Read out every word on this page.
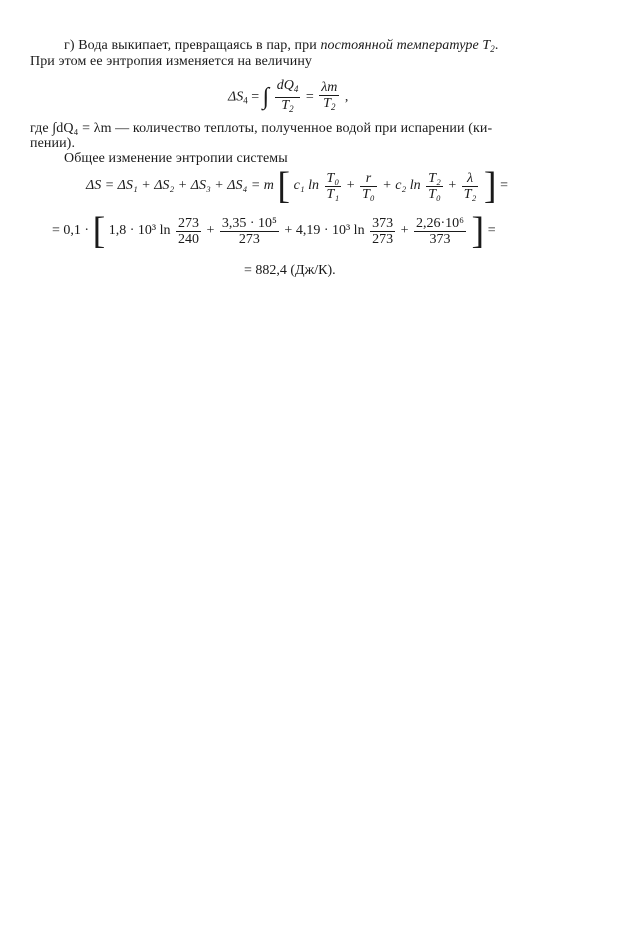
г) Вода выкипает, превращаясь в пар, при постоянной температуре $T_2$.
При этом ее энтропия изменяется на величину
$\Delta S_4$ = ∫ $\frac{dQ_4}{T_2} = \frac{\lambda m}{T_2}$ ,
где ∫dQ₄ = λm — количество теплоты, полученное водой при испарении (ки-
пении).
Общее изменение энтропии системы
ΔS = ΔS₁ + ΔS₂ + ΔS₃ + ΔS₄ = m [ c₁ $\ln \frac{\text{T₀}}{\text{T₁}} + \frac{r}{\text{T₀}} + c_2$ $\ln \frac{\text{T₂}}{\text{T₀}} + \frac{\lambda}{\text{T₂}}$ ] =
= 0,1 · [ 1,8 · 10³ $\ln \frac{273}{240} + \frac{\text{3,35 · 10⁵}}{273} + 4,19 \cdot 10^3$ $\ln \frac{373}{273} + \frac{\text{2,26·10⁶}}{373}$ ] =
= 882,4 (Дж/К).
